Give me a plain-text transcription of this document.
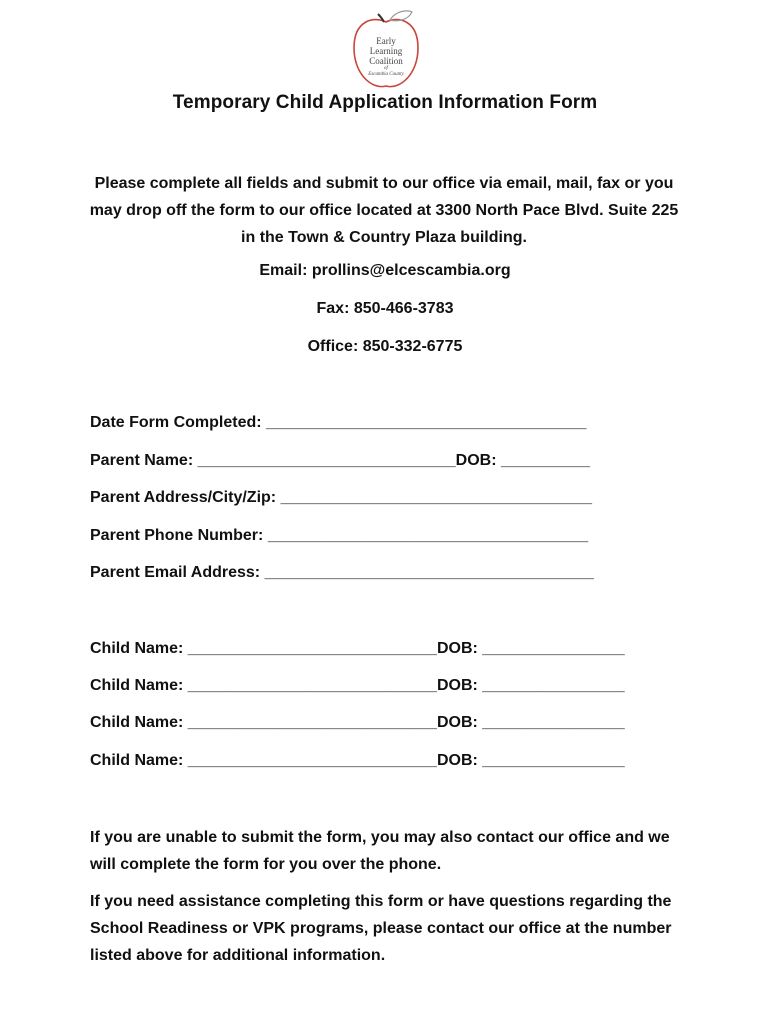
Early
Learning
Coalition
of
Escambia County
Temporary Child Application Information Form
Please complete all fields and submit to our office via email, mail, fax or you may drop off the form to our office located at 3300 North Pace Blvd. Suite 225 in the Town & Country Plaza building.
Email: prollins@elcescambia.org
Fax: 850-466-3783
Office: 850-332-6775
Date Form Completed: ____________________________________
Parent Name: _____________________________DOB: __________
Parent Address/City/Zip: ___________________________________
Parent Phone Number: ____________________________________
Parent Email Address: _____________________________________
Child Name: ____________________________DOB: ________________
Child Name: ____________________________DOB: ________________
Child Name: ____________________________DOB: ________________
Child Name: ____________________________DOB: ________________
If you are unable to submit the form, you may also contact our office and we will complete the form for you over the phone.
If you need assistance completing this form or have questions regarding the School Readiness or VPK programs, please contact our office at the number listed above for additional information.
